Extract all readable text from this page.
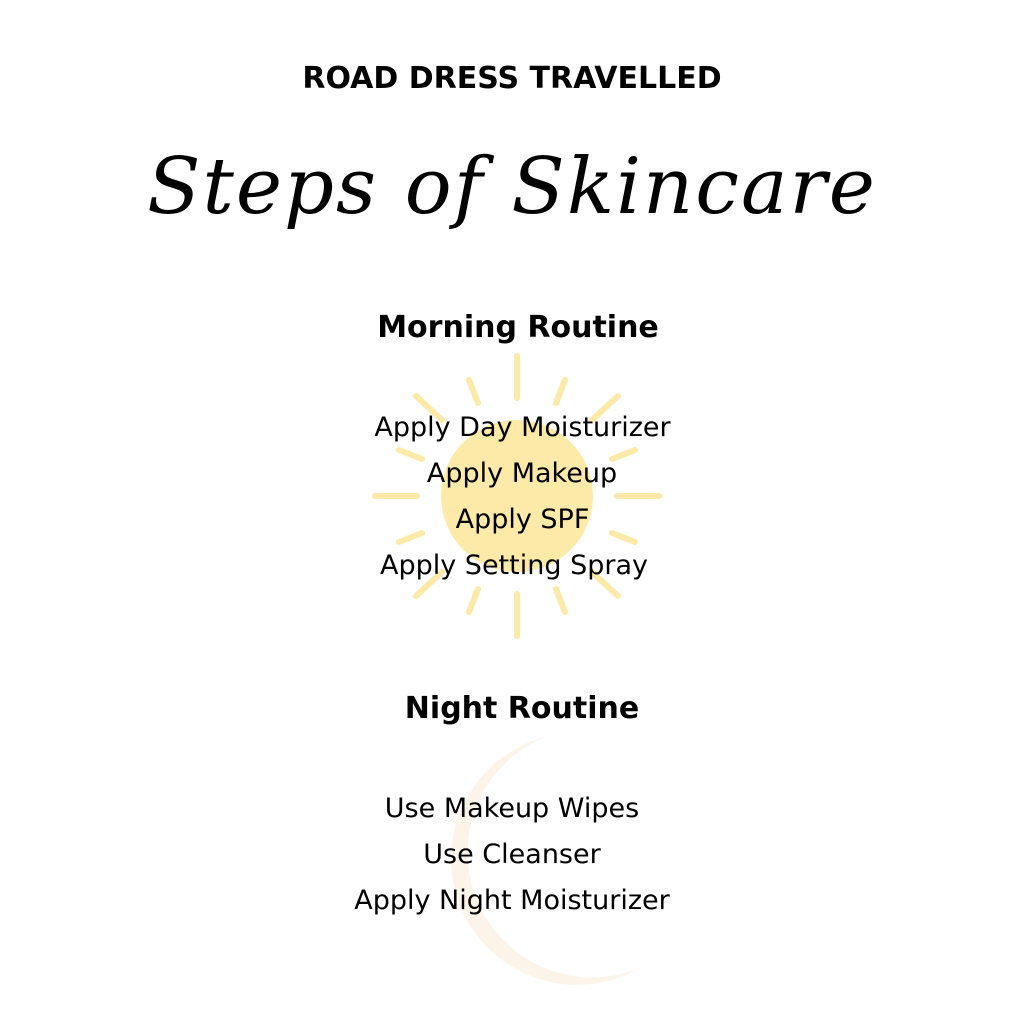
ROAD DRESS TRAVELLED
Steps of Skincare
Morning Routine
Apply Day Moisturizer
Apply Makeup
Apply SPF
Apply Setting Spray
Night Routine
Use Makeup Wipes
Use Cleanser
Apply Night Moisturizer
